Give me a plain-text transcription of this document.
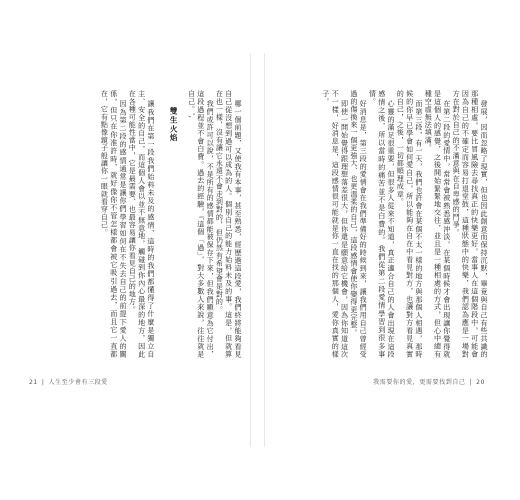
哪一個前題，又使我有本事，甚至熟悉，經歷過這段愛，我們終將能夠看見自己從沒想到過可以成為的人。個別自己的能力始料未及的事。這是，但就算在也一樣，沒有讓它永遠不會走到對的，但仍然有希望會是對的。

我們或許可以說，不是所有的感情都能被保存下來，但我們願意為它付出，這段過程並不會白費。過去的經驗，『這個「過」，對大多數人來說，往往就是自己。',

雙生火焰

讓我們在第一段我們始料未及的感情，這時的我們都懂得了什麼是獨立自主、安全的自己，而這個人會以並不無意地，觸碰到你內心最深的地方，因此在各種可能性當中，它是最需要、也最容易讓你看見自己的地方。

因為第二段的感情通常是讓你們學習如何在不失去自己的前提下愛人的關係，但只在你准許時，就好像你不管怎樣都會被它吸引過去，而且它一直都在，它有點像鏡子般讓你一眼就看穿自己。

21 | 人生至少會有三段愛

發展，因而忽略了現實，但也因此創意而保持沉默，畢竟與自己有些共識的那種相處，要比冒風險去尋找真正的快樂更好，當事人在這個階段中，可能會因為自己的不確定而容易打退堂鼓，這種狀態中的快樂，我們認為應是一場對方在對於自己的不滿意與在自卑感的鬥爭。

在第二段的愛情中，常常會被熟悉感沖淡，在某個時候才會出現讓你覺得就是這個人的感覺，之後開始緊緊地交往，並且是一種相處的方式，但心中總有種空虛無法填滿。

而第三段，有一天，我們也許會在某個不太一樣的地方與那個人相遇，那時候的你早已學會如何愛自己，所以能夠在自在中看見對方，也讓對方看見真實的自己，之後，一切都順理成章。

心靈的滿足很重要，但很多人從來不知道，真正適合自己的人會出現在這段感情之後，所以當時的痛苦並不是白費的。我們從第二段愛情學習到很多事情。

好消息是，第三段的愛情會在我們準備好的時候到來，讓我們用自己曾經受過的傷換來一個更強大、也更溫柔的自己，這段感情會使你變得更完整。

即使一開始覺得跟理想落差很大，但你還是願意給它機會，因為你知道這次不一樣，好消息是，這段感情很可能就是你一直在找的那個人，愛你真實的樣子。

我需要你的愛，更需要找到自己 | 20
